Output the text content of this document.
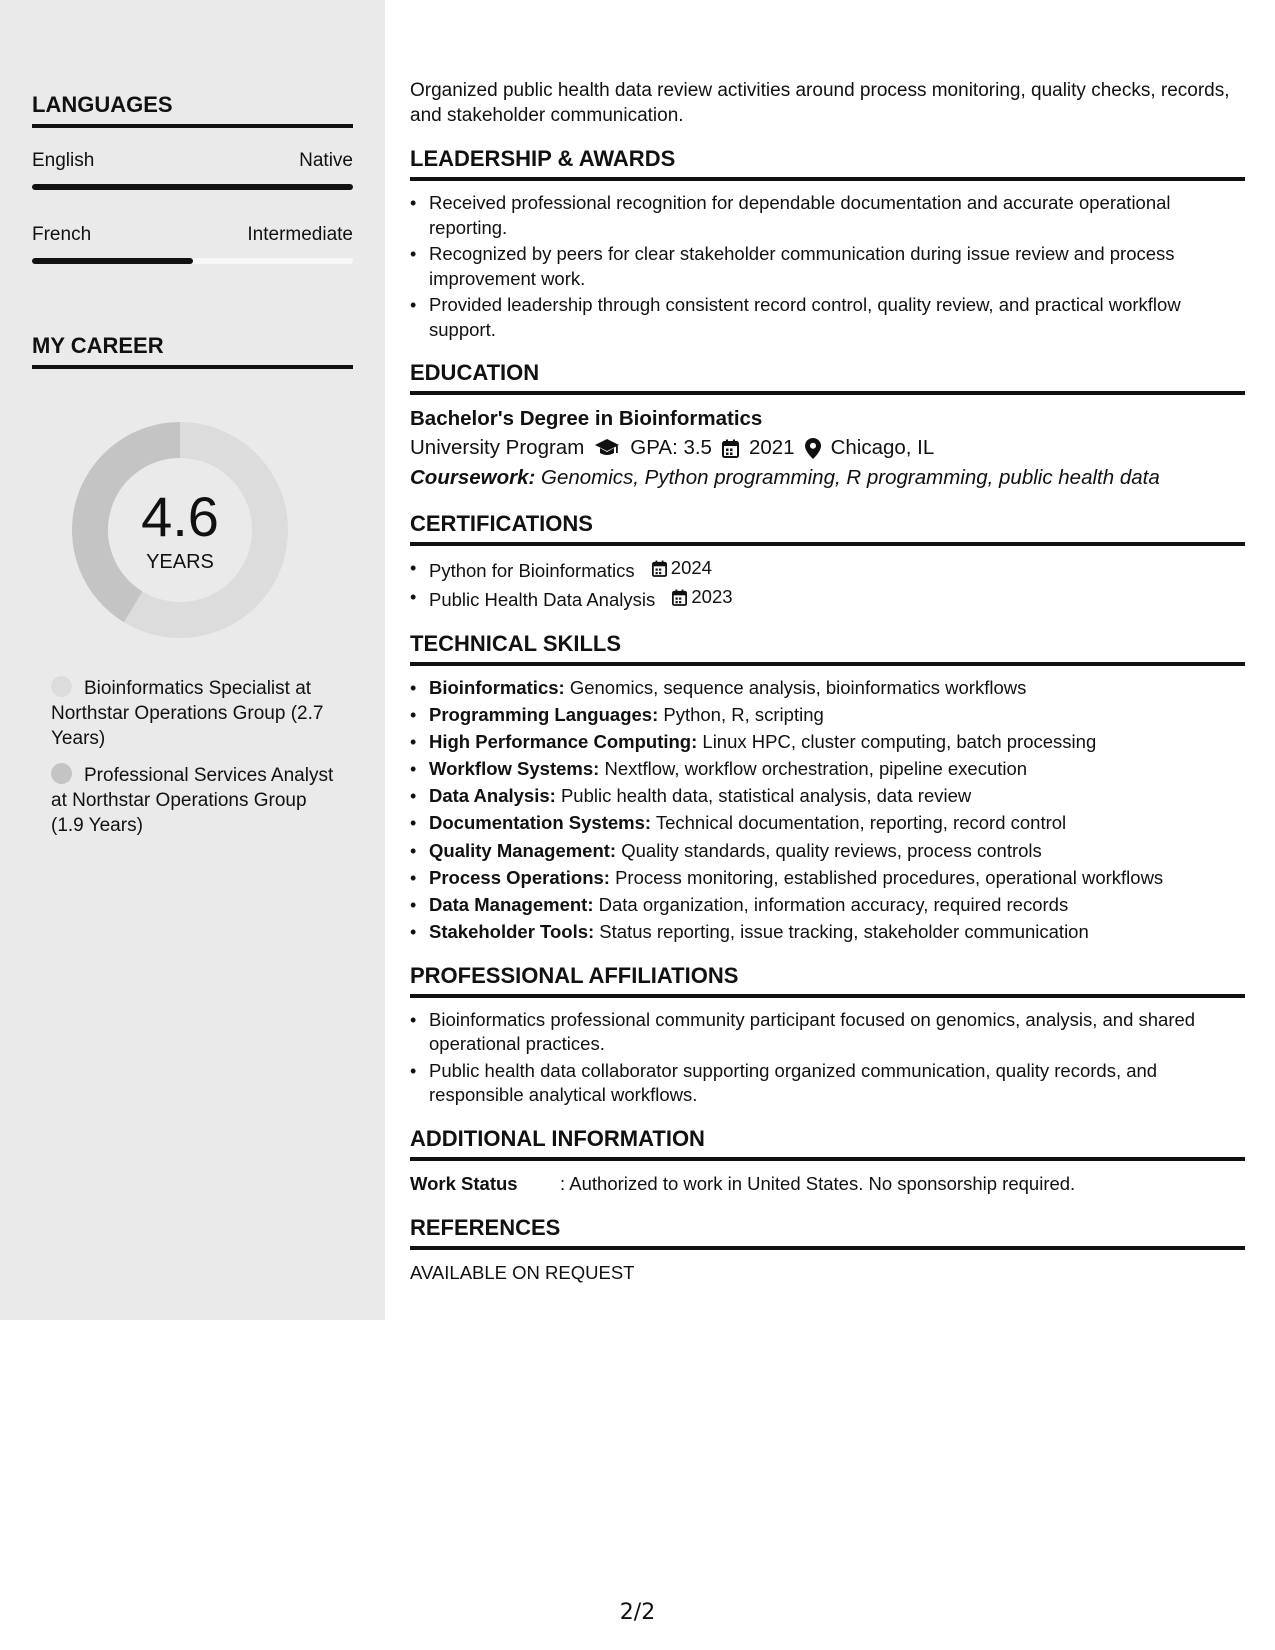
LANGUAGES
English	Native
French	Intermediate
MY CAREER
4.6
YEARS
Bioinformatics Specialist at Northstar Operations Group (2.7 Years)
Professional Services Analyst at Northstar Operations Group (1.9 Years)
Organized public health data review activities around process monitoring, quality checks, records, and stakeholder communication.
LEADERSHIP & AWARDS
• Received professional recognition for dependable documentation and accurate operational reporting.
• Recognized by peers for clear stakeholder communication during issue review and process improvement work.
• Provided leadership through consistent record control, quality review, and practical workflow support.
EDUCATION
Bachelor's Degree in Bioinformatics
University Program GPA: 3.5 2021 Chicago, IL
Coursework: Genomics, Python programming, R programming, public health data
CERTIFICATIONS
• Python for Bioinformatics 2024
• Public Health Data Analysis 2023
TECHNICAL SKILLS
• Bioinformatics: Genomics, sequence analysis, bioinformatics workflows
• Programming Languages: Python, R, scripting
• High Performance Computing: Linux HPC, cluster computing, batch processing
• Workflow Systems: Nextflow, workflow orchestration, pipeline execution
• Data Analysis: Public health data, statistical analysis, data review
• Documentation Systems: Technical documentation, reporting, record control
• Quality Management: Quality standards, quality reviews, process controls
• Process Operations: Process monitoring, established procedures, operational workflows
• Data Management: Data organization, information accuracy, required records
• Stakeholder Tools: Status reporting, issue tracking, stakeholder communication
PROFESSIONAL AFFILIATIONS
• Bioinformatics professional community participant focused on genomics, analysis, and shared operational practices.
• Public health data collaborator supporting organized communication, quality records, and responsible analytical workflows.
ADDITIONAL INFORMATION
Work Status	: Authorized to work in United States. No sponsorship required.
REFERENCES
AVAILABLE ON REQUEST
2/2
